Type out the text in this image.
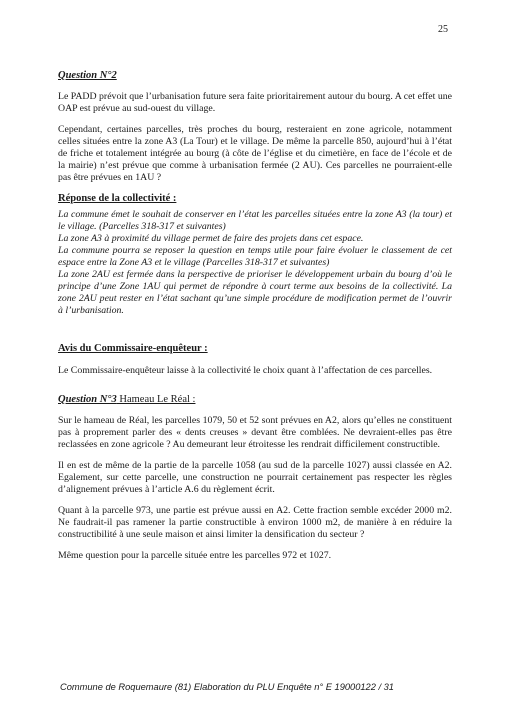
25
Question N°2

Le PADD prévoit que l’urbanisation future sera faite prioritairement autour du bourg. A cet effet une OAP est prévue au sud-ouest du village.

Cependant, certaines parcelles, très proches du bourg, resteraient en zone agricole, notamment celles situées entre la zone A3 (La Tour) et le village. De même la parcelle 850, aujourd’hui à l’état de friche et totalement intégrée au bourg (à côte de l’église et du cimetière, en face de l’école et de la mairie) n’est prévue que comme à urbanisation fermée (2 AU). Ces parcelles ne pourraient-elle pas être prévues en 1AU ?

Réponse de la collectivité :

La commune émet le souhait de conserver en l’état les parcelles situées entre la zone A3 (la tour) et le village. (Parcelles 318-317 et suivantes)

La zone A3 à proximité du village permet de faire des projets dans cet espace.

La commune pourra se reposer la question en temps utile pour faire évoluer le classement de cet espace entre la Zone A3 et le village (Parcelles 318-317 et suivantes)

La zone 2AU est fermée dans la perspective de prioriser le développement urbain du bourg d’où le principe d’une Zone 1AU qui permet de répondre à court terme aux besoins de la collectivité. La zone 2AU peut rester en l’état sachant qu’une simple procédure de modification permet de l’ouvrir à l’urbanisation.

Avis du Commissaire-enquêteur :

Le Commissaire-enquêteur laisse à la collectivité le choix quant à l’affectation de ces parcelles.

Question N°3 Hameau Le Réal :

Sur le hameau de Réal, les parcelles 1079, 50 et 52 sont prévues en A2, alors qu’elles ne constituent pas à proprement parler des « dents creuses » devant être comblées. Ne devraient-elles pas être reclassées en zone agricole ? Au demeurant leur étroitesse les rendrait difficilement constructible.

Il en est de même de la partie de la parcelle 1058 (au sud de la parcelle 1027) aussi classée en A2. Egalement, sur cette parcelle, une construction ne pourrait certainement pas respecter les règles d’alignement prévues à l’article A.6 du règlement écrit.

Quant à la parcelle 973, une partie est prévue aussi en A2. Cette fraction semble excéder 2000 m2. Ne faudrait-il pas ramener la partie constructible à environ 1000 m2, de manière à en réduire la constructibilité à une seule maison et ainsi limiter la densification du secteur ?

Même question pour la parcelle située entre les parcelles 972 et 1027.

Commune de Roquemaure (81) Elaboration du PLU Enquête n° E 19000122 / 31
